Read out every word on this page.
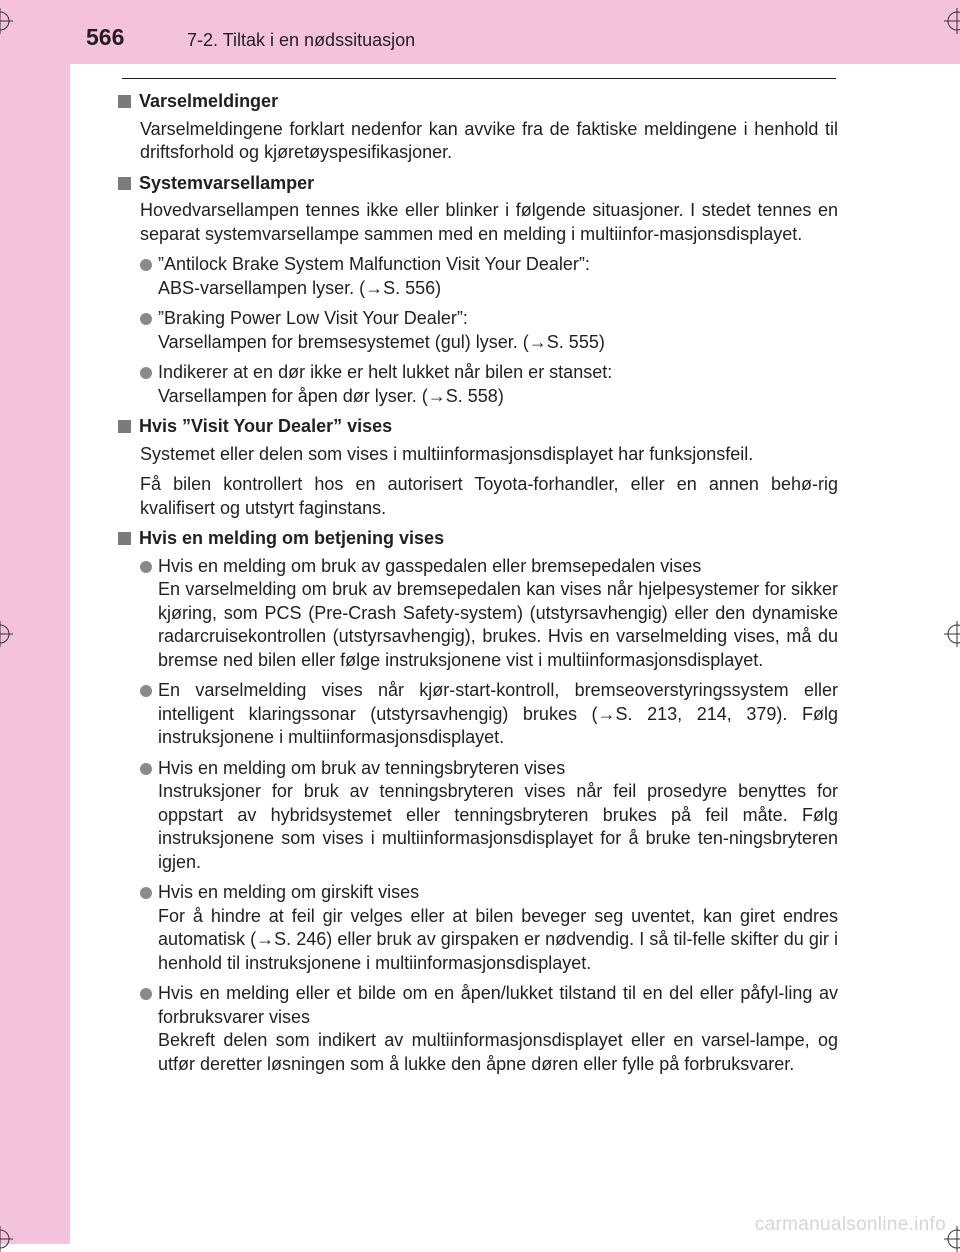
566	7-2. Tiltak i en nødssituasjon
Varselmeldinger
Varselmeldingene forklart nedenfor kan avvike fra de faktiske meldingene i henhold til driftsforhold og kjøretøyspesifikasjoner.
Systemvarsellamper
Hovedvarsellampen tennes ikke eller blinker i følgende situasjoner. I stedet tennes en separat systemvarsellampe sammen med en melding i multiinfor-masjonsdisplayet.
”Antilock Brake System Malfunction Visit Your Dealer”:
ABS-varsellampen lyser. (→S. 556)
”Braking Power Low Visit Your Dealer”:
Varsellampen for bremsesystemet (gul) lyser. (→S. 555)
Indikerer at en dør ikke er helt lukket når bilen er stanset:
Varsellampen for åpen dør lyser. (→S. 558)
Hvis ”Visit Your Dealer” vises
Systemet eller delen som vises i multiinformasjonsdisplayet har funksjonsfeil.
Få bilen kontrollert hos en autorisert Toyota-forhandler, eller en annen behø-rig kvalifisert og utstyrt faginstans.
Hvis en melding om betjening vises
Hvis en melding om bruk av gasspedalen eller bremsepedalen vises
En varselmelding om bruk av bremsepedalen kan vises når hjelpesystemer for sikker kjøring, som PCS (Pre-Crash Safety-system) (utstyrsavhengig) eller den dynamiske radarcruisekontrollen (utstyrsavhengig), brukes. Hvis en varselmelding vises, må du bremse ned bilen eller følge instruksjonene vist i multiinformasjonsdisplayet.
En varselmelding vises når kjør-start-kontroll, bremseoverstyringssystem eller intelligent klaringssonar (utstyrsavhengig) brukes (→S. 213, 214, 379). Følg instruksjonene i multiinformasjonsdisplayet.
Hvis en melding om bruk av tenningsbryteren vises
Instruksjoner for bruk av tenningsbryteren vises når feil prosedyre benyttes for oppstart av hybridsystemet eller tenningsbryteren brukes på feil måte. Følg instruksjonene som vises i multiinformasjonsdisplayet for å bruke ten-ningsbryteren igjen.
Hvis en melding om girskift vises
For å hindre at feil gir velges eller at bilen beveger seg uventet, kan giret endres automatisk (→S. 246) eller bruk av girspaken er nødvendig. I så til-felle skifter du gir i henhold til instruksjonene i multiinformasjonsdisplayet.
Hvis en melding eller et bilde om en åpen/lukket tilstand til en del eller påfyl-ling av forbruksvarer vises
Bekreft delen som indikert av multiinformasjonsdisplayet eller en varsel-lampe, og utfør deretter løsningen som å lukke den åpne døren eller fylle på forbruksvarer.
carmanualsonline.info
